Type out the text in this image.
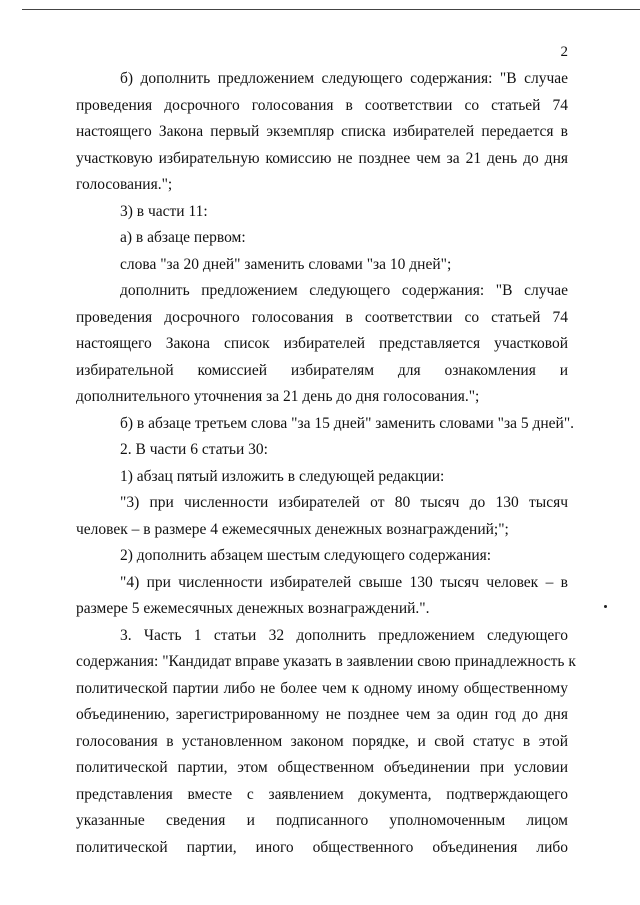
2
б) дополнить предложением следующего содержания: "В случае
проведения досрочного голосования в соответствии со статьей 74
настоящего Закона первый экземпляр списка избирателей передается в
участковую избирательную комиссию не позднее чем за 21 день до дня
голосования.";
3) в части 11:
а) в абзаце первом:
слова "за 20 дней" заменить словами "за 10 дней";
дополнить предложением следующего содержания: "В случае
проведения досрочного голосования в соответствии со статьей 74
настоящего Закона список избирателей представляется участковой
избирательной комиссией избирателям для ознакомления и
дополнительного уточнения за 21 день до дня голосования.";
б) в абзаце третьем слова "за 15 дней" заменить словами "за 5 дней".
2. В части 6 статьи 30:
1) абзац пятый изложить в следующей редакции:
"3) при численности избирателей от 80 тысяч до 130 тысяч
человек – в размере 4 ежемесячных денежных вознаграждений;";
2) дополнить абзацем шестым следующего содержания:
"4) при численности избирателей свыше 130 тысяч человек – в
размере 5 ежемесячных денежных вознаграждений.".
3. Часть 1 статьи 32 дополнить предложением следующего
содержания: "Кандидат вправе указать в заявлении свою принадлежность к
политической партии либо не более чем к одному иному общественному
объединению, зарегистрированному не позднее чем за один год до дня
голосования в установленном законом порядке, и свой статус в этой
политической партии, этом общественном объединении при условии
представления вместе с заявлением документа, подтверждающего
указанные сведения и подписанного уполномоченным лицом
политической партии, иного общественного объединения либо
